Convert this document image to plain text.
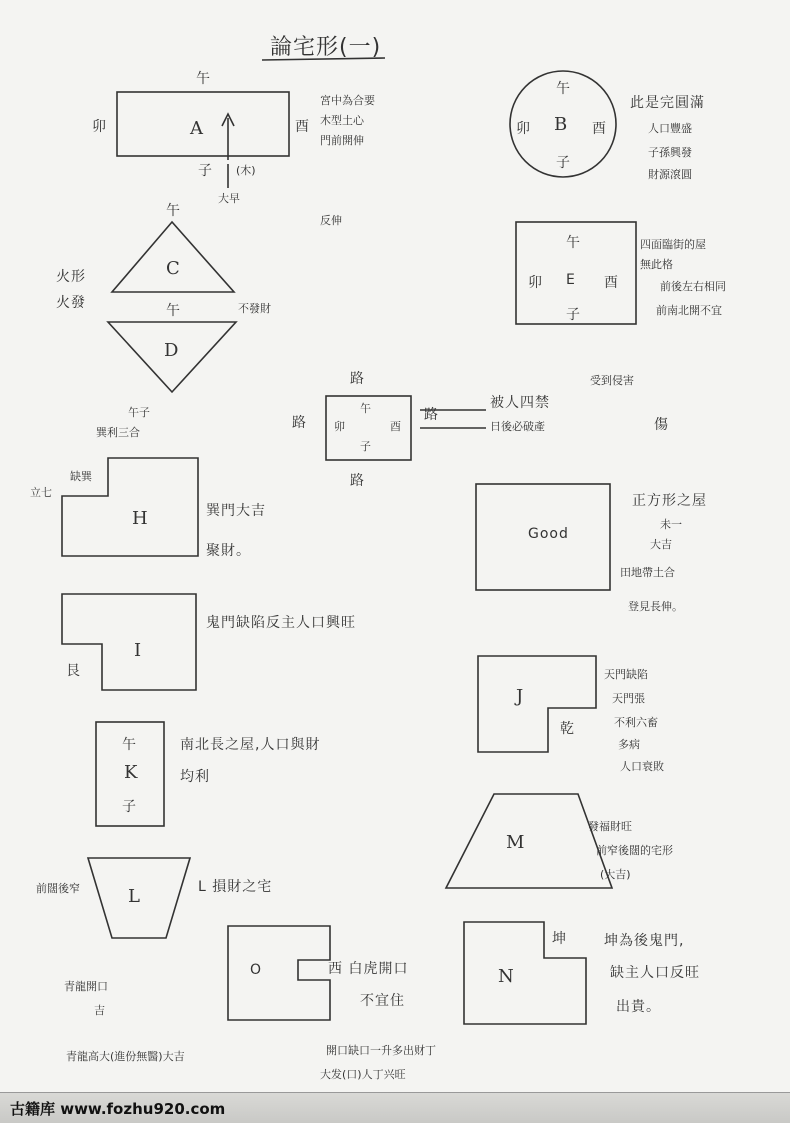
論宅形(一)
A
午
卯	酉
子 (木)
大早
宮中為合要
木型土心
門前開伸
反伸
B
午
卯	酉
子
此是完圓滿
人口豐盛
子孫興發
財源滾圓
午
C
午
D
火形
火發	不發財
午
卯 E 酉
子
四面臨街的屋
無此格
前後左右相同
前南北開不宜
路
路	路
路
午
卯	酉
子
被人四禁
受到侵害
日後必破產	傷
H
午子
巽利三合
缺巽
立七
巽門大吉
聚財。
Good
正方形之屋
未一
大吉
田地帶土合
登見長伸。
I
艮
鬼門缺陷反主人口興旺
J
乾
天門缺陷
天門張
不利六畜
多病
人口衰敗
午
K
子
南北長之屋,人口與財
均利
M
發福財旺
前窄後闊的宅形
(大吉)
L
前闊後窄	L 損財之宅
O	西 白虎開口
不宜住
N
坤	坤為後鬼門,
缺主人口反旺
出貴。
青龍開口
吉
青龍高大(進份無醫)大吉	開口缺口一升多出财丁
大发(口)人丁兴旺
古籍库 www.fozhu920.com
